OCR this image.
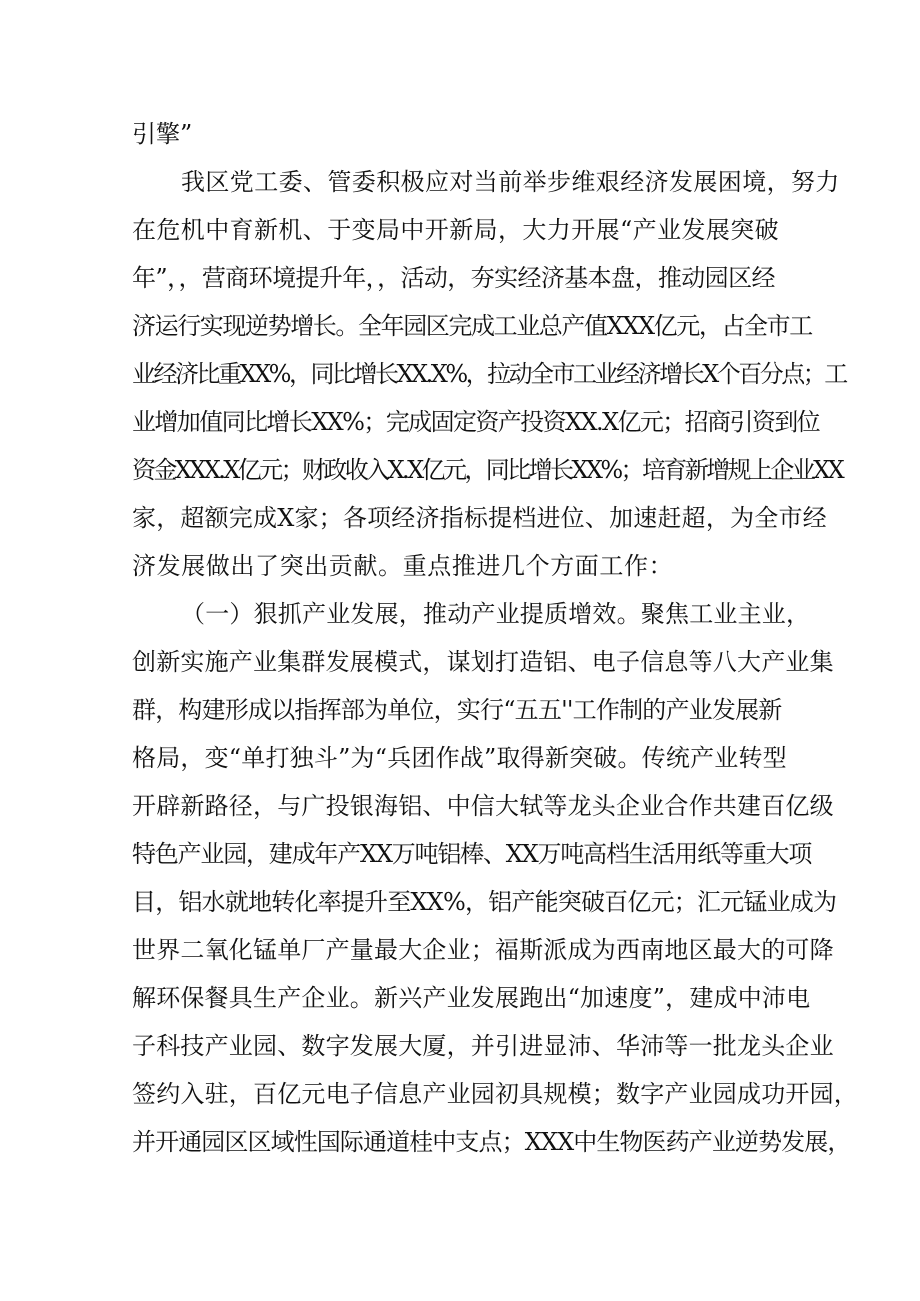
引擎”
我区党工委、管委积极应对当前举步维艰经济发展困境，努力
在危机中育新机、于变局中开新局，大力开展“产业发展突破
年”，，营商环境提升年，，活动，夯实经济基本盘，推动园区经
济运行实现逆势增长。全年园区完成工业总产值XXX亿元，占全市工
业经济比重XX%，同比增长XX.X%，拉动全市工业经济增长X个百分点；工
业增加值同比增长XX%；完成固定资产投资XX.X亿元；招商引资到位
资金XXX.X亿元；财政收入X.X亿元，同比增长XX%；培育新增规上企业XX
家，超额完成X家；各项经济指标提档进位、加速赶超，为全市经
济发展做出了突出贡献。重点推进几个方面工作：
（一）狠抓产业发展，推动产业提质增效。聚焦工业主业，
创新实施产业集群发展模式，谋划打造铝、电子信息等八大产业集
群，构建形成以指挥部为单位，实行“五五''工作制的产业发展新
格局，变“单打独斗”为“兵团作战”取得新突破。传统产业转型
开辟新路径，与广投银海铝、中信大轼等龙头企业合作共建百亿级
特色产业园，建成年产XX万吨铝棒、XX万吨高档生活用纸等重大项
目，铝水就地转化率提升至XX%，铝产能突破百亿元；汇元锰业成为
世界二氧化锰单厂产量最大企业；福斯派成为西南地区最大的可降
解环保餐具生产企业。新兴产业发展跑出“加速度”，建成中沛电
子科技产业园、数字发展大厦，并引进显沛、华沛等一批龙头企业
签约入驻，百亿元电子信息产业园初具规模；数字产业园成功开园，
并开通园区区域性国际通道桂中支点；XXX中生物医药产业逆势发展，
